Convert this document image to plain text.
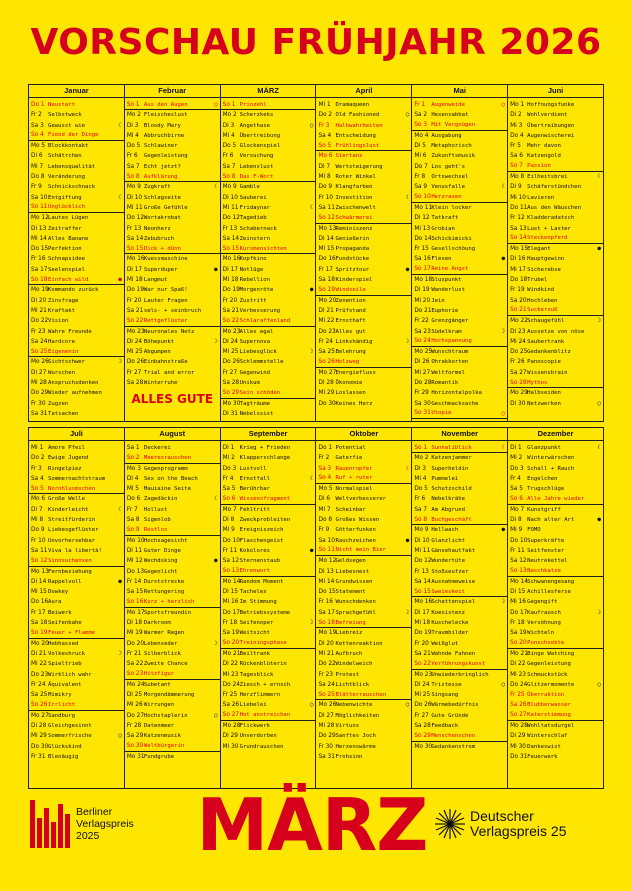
VORSCHAU FRÜHJAHR 2026
Januar
Do 1 Neustart
Fr 2	Selbstweck
Sa 3 Gewusst wie	☾
So 4 Fiend der Dinge
Mo 5 Blockkontakt
Di 6 Schätrchen
Mi 7 Lebensqualität
Do 8 Veränderung
Fr 9	Schnickschnack
Sa 10 Entgiftung	☾
So 11 Unglücklich
Mo 12 Lautes Lügen
Di 13 Zeitraffer
Mi 14 Alles Banane
Do 15 Perfektion
Fr 16 Schnapsidee
Sa 17 Seelenspiel
So 18 Einfach wild	●
Mo 19 Kommando zurück
Di 20 Zinsfrage
Mi 21 Kraftakt
Do 22 Vision
Fr 23 Wahre Freunde
Sa 24 Hardcore
So 25 Eigenenin
Mo 26 Sichtschwer	☽
Di 27 Wurschen
Mi 28 Anspruchsdenken
Do 29 Wieder aufnehmen
Fr 30 Zugzen
Sa 31 Tatsachen
Februar
So 1 Aus den Augen	○
Mo 2 Fleischeslust
Di 3 Bloody Mary
Mi 4 Abbruchbirne
Do 5 Schlawiner
Fr 6	Gegenleistung
Sa 7 Echt jetzt?
So 8 Aufklärung
Mo 9 Zugkraft	☾
Di 10 Schlagseite
Mi 11 Große Gefühle
Do 12 Wortakrobat
Fr 13 Neonherz
Sa 14 Zebubruch
So 15 Dick + dünn
Mo 16 Kuessmaschine
Di 17 Superduper	●
Mi 18 Langmut
Do 19 War nur Spaß!
Fr 20 Lauter Fragen
Sa 21 sels- + seinbruch
So 22 Rettgeflüster
Mo 23 Neuronales Netz
Di 24 Böhepunkt	☽
Mi 25 Abgumpen
Do 26 Einbahnstraße
Fr 27 Trial and error
Sa 28 Winterruhe
ALLES GUTE
MÄRZ
So 1 Prinzehl
Mo 2 Scherzkeks
Di 3 Angethase	○
Mi 4 Übertreibung
Do 5 Glockenspiel
Fr 6	Versuchung
Sa 7 Lebenslust
So 8 Das F-Wort
Mo 9 Gamble
Di 10 Sauberei
Mi 11 Fridaynar	☾
Do 12 Tagedieb
Fr 13 Schabernack
Sa 14 Zeinstern
So 15 Kursmensichten
Mo 16 Kopfkino
Di 17 Notlüge
Mi 18 Rebellion
Do 19 Morgenröte	●
Fr 20 Zustritt
Sa 21 Verbesserung
So 22 Schlaraffenland
Mo 23 Alles egal
Di 24 Supernova
Mi 25 Liebesglück	☽
Do 26 Schlemmstelle
Fr 27 Gegenwind
Sa 28 Unikum
So 29 Sein schöden
Mo 30 Tagträume
Di 31 Nebelssist
April
Mi 1 Dramaqueen
Do 2 Old Fashioned	○
Fr 3	Halbwahrheiten
Sa 4 Entscheidung
So 5 Frühlingslust
Mo 6 Siertanz
Di 7 Wertsteigerung
Mi 8 Roter Winkel
Do 9 Klangfarben
Fr 10 Investition	☾
Sa 11 Zwischenwelt
So 12 Schwärmerei
Mo 13 Reminiszenz
Di 14 Genießerin
Mi 15 Propaganda
Do 16 Fundstücke
Fr 17 Spritztour	●
Sa 18 Kinderspiel
So 19 Windseile
Mo 20 Zenention
Di 21 Prüfstand
Mi 22 Ernsthaft
Do 23 Alles gut
Fr 24 Linkshändig	☽
Sa 25 Belehrung
So 26 Holzweg
Mo 27 Energiefluss
Di 28 Ökonomie
Mi 29 Loslassen
Do 30 Keines Herz
Mai
Fr 1	Augenweide	○
Sa 2 Hexensabbat
So 3 Mit Vergnügen
Mo 4 Ausgabung
Di 5 Metaphorisch
Mi 6 Zukunftsmusik
Do 7 Los geht's
Fr 8	Ortswechsel
Sa 9 Venusfalle	☾
So 10 Herzrasen
Mo 11 Klein locker
Di 12 Tatkraft
Mi 13 Grobian
Do 14 Schickimicki
Fr 15 Gesellschöung
Sa 16 Flexen	●
So 17 Reine Angst
Mo 18 Sluspunkt
Di 19 Wanderlust
Mi 20 Jein
Do 21 Euphorie
Fr 22 Grenzgänger
Sa 23 Südelkram	☽
So 24 Hochspannung
Mo 25 Wunschtraum
Di 26 Ohrakkorten
Mi 27 Weltformel
Do 28 Romantik
Fr 29 Horizontalpolka
Sa 30 Geschmacksache
So 31 Utopie	○
Juni
Mo 1 Hoffnungsfunke
Di 2 Wohlverdient
Mi 3 Übertreibungen
Do 4 Augenwischerei
Fr 5	Mehr davon
Sa 6 Katzengold
So 7 Passion
Mo 8 Eilheitsbrei	☾
Di 9 Schäferstündchen
Mi 10 Lavieren
Do 11 Aus den Wäuschen
Fr 12 Kladderadatsch
Sa 13 Lust + Laster
So 14 Steckenpferd
Mo 15 Elegant	●
Di 16 Hauptgewinn
Mi 17 Sicherebse
Do 18 Trubel
Fr 19 Windkind
Sa 20 Hochleben
So 21 Suckerzuß
Mo 22 Schaugefühl	☽
Di 23 Aussetze von nöse
Mi 24 Saubertrank
Do 25 Gedankenblitz
Fr 26 Panoscopie
Sa 27 Wissensbrain
So 28 Mythos
Mo 29 Halbseiden
Di 30 Netzwerken	○
Juli
Mi 1 Amore Pfeil
Do 2 Ewige Jugend
Fr 3	Ringelpiez
Sa 4 Sommernachtstraum
So 5 Nornhlusmschen
Mo 6 Große Welle
Di 7 Kinderleicht	☾
Mi 8 Streitfürderin
Do 9 Liebesgeflüster
Fr 10 Unvorhersehbar
Sa 11 Viva la libertà!
So 12 Sinnsuchenxen
Mo 13 Fernbeziehung
Di 14 Rappelvoll	●
Mi 15 Dowkey
Do 16 Aura
Fr 17 Beiwerk
Sa 18 Seifenbahe
So 19 Feuer + Flamme
Mo 20 Hebhassed
Di 21 Volkeshruck	☽
Mi 22 Spieltrieb
Do 23 Wirklich wahr
Fr 24 Äquivalent
Sa 25 Mimikry
So 26 Irrlicht
Mo 27 Sandburg
Di 28 Gleichgesinnt
Mi 29 Sommerfrische	○
Do 30 Glückskind
Fr 31 Blenäugig
August
Sa 1 Deckerei
So 2 Meeresrauschen
Mo 3 Gegenprogramm
Di 4 Sex on the Beach
Mi 5 Mauiaine Seite
Do 6 Zagedäckin	☾
Fr 7	Hollust
Sa 8 Sigenlob
So 9 Restlos
Mo 10 Hochsagesicht
Di 11 Guter Dinge
Mi 12 Wechdsking	●
Do 13 Gegenlicht
Fr 14 Durststrecke
Sa 15 Rettungering
So 16 Kurz + herzlich
Mo 17 Sportsfreundin
Di 18 Darkroom
Mi 19 Warmer Regen
Do 20 Lebenseder	☽
Fr 21 Silberblick
Sa 22 Zweite Chance
So 23 Hitzfigur
Mo 24 Subetant
Di 25 Morgendämmerung
Mi 26 Wirrungen
Do 27 Hochstaplerin	○
Fr 28 Datenmeer
Sa 29 Katzenmusik
So 30 Weltbürgerin
Mo 31 Fundgrube
September
Di 1 Krieg + Frieden
Mi 2 Klapperschlange
Do 3 Lustvoll
Fr 4	Ernstfall	☾
Sa 5 Berührbar
So 6 Wissensfragment
Mo 7 Fehltritt
Di 8 Zweckprobleiten
Mi 9 Ereigniszeich
Do 10 Flaschengeist
Fr 11 Kokolores	●
Sa 12 Sternenstaub
So 13 Ehrenwort
Mo 14 Random Moment
Di 15 Tacheles
Mi 16 Im Stimmung
Do 17 Betriebssysteme
Fr 18 Seifenoper	☽
Sa 19 Weitsicht
So 20 Treiningsphase
Mo 21 Beiltrank
Di 22 Rückenblüterin
Mi 23 Tagesblick
Do 24 Ziesch + ernsch
Fr 25 Herzflimmern
Sa 26 Liebelei	○
So 27 Hot anstreichen
Mo 28 Flickwerk
Di 29 Unverdorben
Mi 30 Grundrauschen
Oktober
Do 1 Potential
Fr 2	Gaterfie
Sa 3 Rauenropfer	☾
So 4 Ruf + ruter
Mo 5 Normalspiel
Di 6 Weltverbesserer
Mi 7 Scheinbar
Do 8 Großes Wissen
Fr 9	Götterfunken
Sa 10 Rauchzeichen	●
So 11 Nicht mein Bier
Mo 12 Geldsegen
Di 13 Liebesnest
Mi 14 Grundwissen
Do 15 Statement
Fr 16 Wunschdenken
Sa 17 Sprachgefühl	☽
So 18 Befreiung
Mo 19 Liebreiz
Di 20 Kettenreaktion
Mi 21 Aufbruch
Do 22 Windelweich
Fr 23 Protest
Sa 24 Lichtblick
So 25 Blätterrauschen
Mo 26 Nebenwichte	○
Di 27 Möglichkeiten
Mi 28 Virtuos
Do 29 Sanftes Joch
Fr 30 Herzenswärme
Sa 31 Frohsinn
November
So 1 Sunnaliblick	☾
Mo 2 Katzenjammer
Di 3 Superheldin
Mi 4 Pummelei
Do 5 Schutzschild
Fr 6	Nebelkrähe
Sa 7 Am Abgrund
So 8 Buchgeschäft
Mo 9 Hellwach	●
Di 10 Glanzlicht
Mi 11 Gänsehautfakt
Do 12 Wundertüte
Fr 13 Stoßseufzer
Sa 14 Ausnahmeweise
So 15 Sweieskeit
Mo 16 Schattenspiel	☽
Di 17 Koexistenz
Mi 18 Kuschelecke
Do 19 Traumbilder
Fr 20 Weißglut
Sa 21 Wahnde Fahnen
So 22 Verführungskunst
Mo 23 Unwiederbringlich
Di 24 Tristesse	○
Mi 25 Singsang
Do 26 Wärmebedürfnis
Fr 27 Gute Gründe
Sa 28 Feedback
So 29 Menschenschen
Mo 30 Gedankenstrom
Dezember
Di 1 Glanzpunkt	☾
Mi 2 Winterwärschen
Do 3 Schall + Rauch
Fr 4	Engelchen
Sa 5 Trugschlüge
So 6 Alle Jahre wieder
Mo 7 Kunstgriff
Di 8 Nach alter Art	●
Mi 9 FOMO
Do 10 Superkräfte
Fr 11 Seitfenster
Sa 12 Neutrekettel
So 13 Naschkatze
Mo 14 Schwanengesang
Di 15 Achillesferse
Mi 16 Gegengift
Do 17 Kaufrausch	☽
Fr 18 Versöhnung
Sa 19 Wichteln
So 20 Punschsekte
Mo 21 Binge Watching
Di 22 Gegenleistung
Mi 23 Schmuckstück
Do 24 Glitzermomente	○
Fr 25 Überraktion
Sa 26 Blubberwasser
So 27 Katerstimmung
Mo 28 Wohltatsdurgel
Di 29 Winterschlaf
Mi 30 Dankeswist
Do 31 Feuerwerk
Berliner
Verlagspreis
2025	MÄRZ	Deutscher
Verlagspreis 25
